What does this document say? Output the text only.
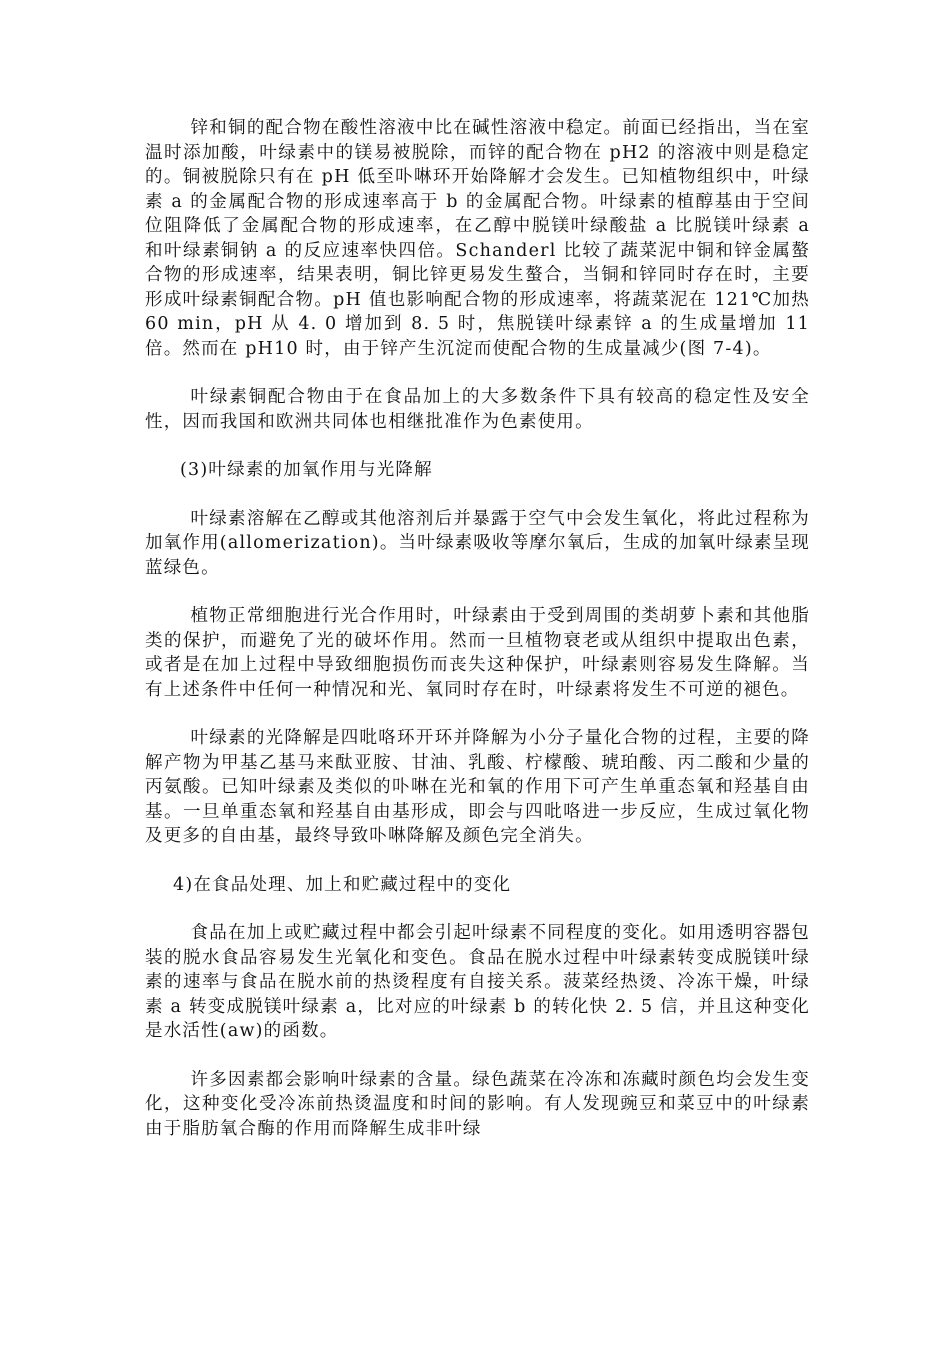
锌和铜的配合物在酸性溶液中比在碱性溶液中稳定。前面已经指出，当在室温时添加酸，叶绿素中的镁易被脱除，而锌的配合物在 pH2 的溶液中则是稳定的。铜被脱除只有在 pH 低至卟啉环开始降解才会发生。已知植物组织中，叶绿素 a 的金属配合物的形成速率高于 b 的金属配合物。叶绿素的植醇基由于空间位阻降低了金属配合物的形成速率，在乙醇中脱镁叶绿酸盐 a 比脱镁叶绿素 a 和叶绿素铜钠 a 的反应速率快四倍。Schanderl 比较了蔬菜泥中铜和锌金属螯合物的形成速率，结果表明，铜比锌更易发生螯合，当铜和锌同时存在时，主要形成叶绿素铜配合物。pH 值也影响配合物的形成速率，将蔬菜泥在 121℃加热 60 min，pH 从 4. 0 增加到 8. 5 时，焦脱镁叶绿素锌 a 的生成量增加 11 倍。然而在 pH10 时，由于锌产生沉淀而使配合物的生成量减少(图 7-4)。

叶绿素铜配合物由于在食品加上的大多数条件下具有较高的稳定性及安全性，因而我国和欧洲共同体也相继批准作为色素使用。

(3)叶绿素的加氧作用与光降解

叶绿素溶解在乙醇或其他溶剂后并暴露于空气中会发生氧化，将此过程称为加氧作用(allomerization)。当叶绿素吸收等摩尔氧后，生成的加氧叶绿素呈现蓝绿色。

植物正常细胞进行光合作用时，叶绿素由于受到周围的类胡萝卜素和其他脂类的保护，而避免了光的破坏作用。然而一旦植物衰老或从组织中提取出色素，或者是在加上过程中导致细胞损伤而丧失这种保护，叶绿素则容易发生降解。当有上述条件中任何一种情况和光、氧同时存在时，叶绿素将发生不可逆的褪色。

叶绿素的光降解是四吡咯环开环并降解为小分子量化合物的过程，主要的降解产物为甲基乙基马来酞亚胺、甘油、乳酸、柠檬酸、琥珀酸、丙二酸和少量的丙氨酸。已知叶绿素及类似的卟啉在光和氧的作用下可产生单重态氧和羟基自由基。一旦单重态氧和羟基自由基形成，即会与四吡咯进一步反应，生成过氧化物及更多的自由基，最终导致卟啉降解及颜色完全消失。

4)在食品处理、加上和贮藏过程中的变化

食品在加上或贮藏过程中都会引起叶绿素不同程度的变化。如用透明容器包装的脱水食品容易发生光氧化和变色。食品在脱水过程中叶绿素转变成脱镁叶绿素的速率与食品在脱水前的热烫程度有自接关系。菠菜经热烫、冷冻干燥，叶绿素 a 转变成脱镁叶绿素 a，比对应的叶绿素 b 的转化快 2. 5 信，并且这种变化是水活性(aw)的函数。

许多因素都会影响叶绿素的含量。绿色蔬菜在冷冻和冻藏时颜色均会发生变化，这种变化受冷冻前热烫温度和时间的影响。有人发现豌豆和菜豆中的叶绿素由于脂肪氧合酶的作用而降解生成非叶绿
